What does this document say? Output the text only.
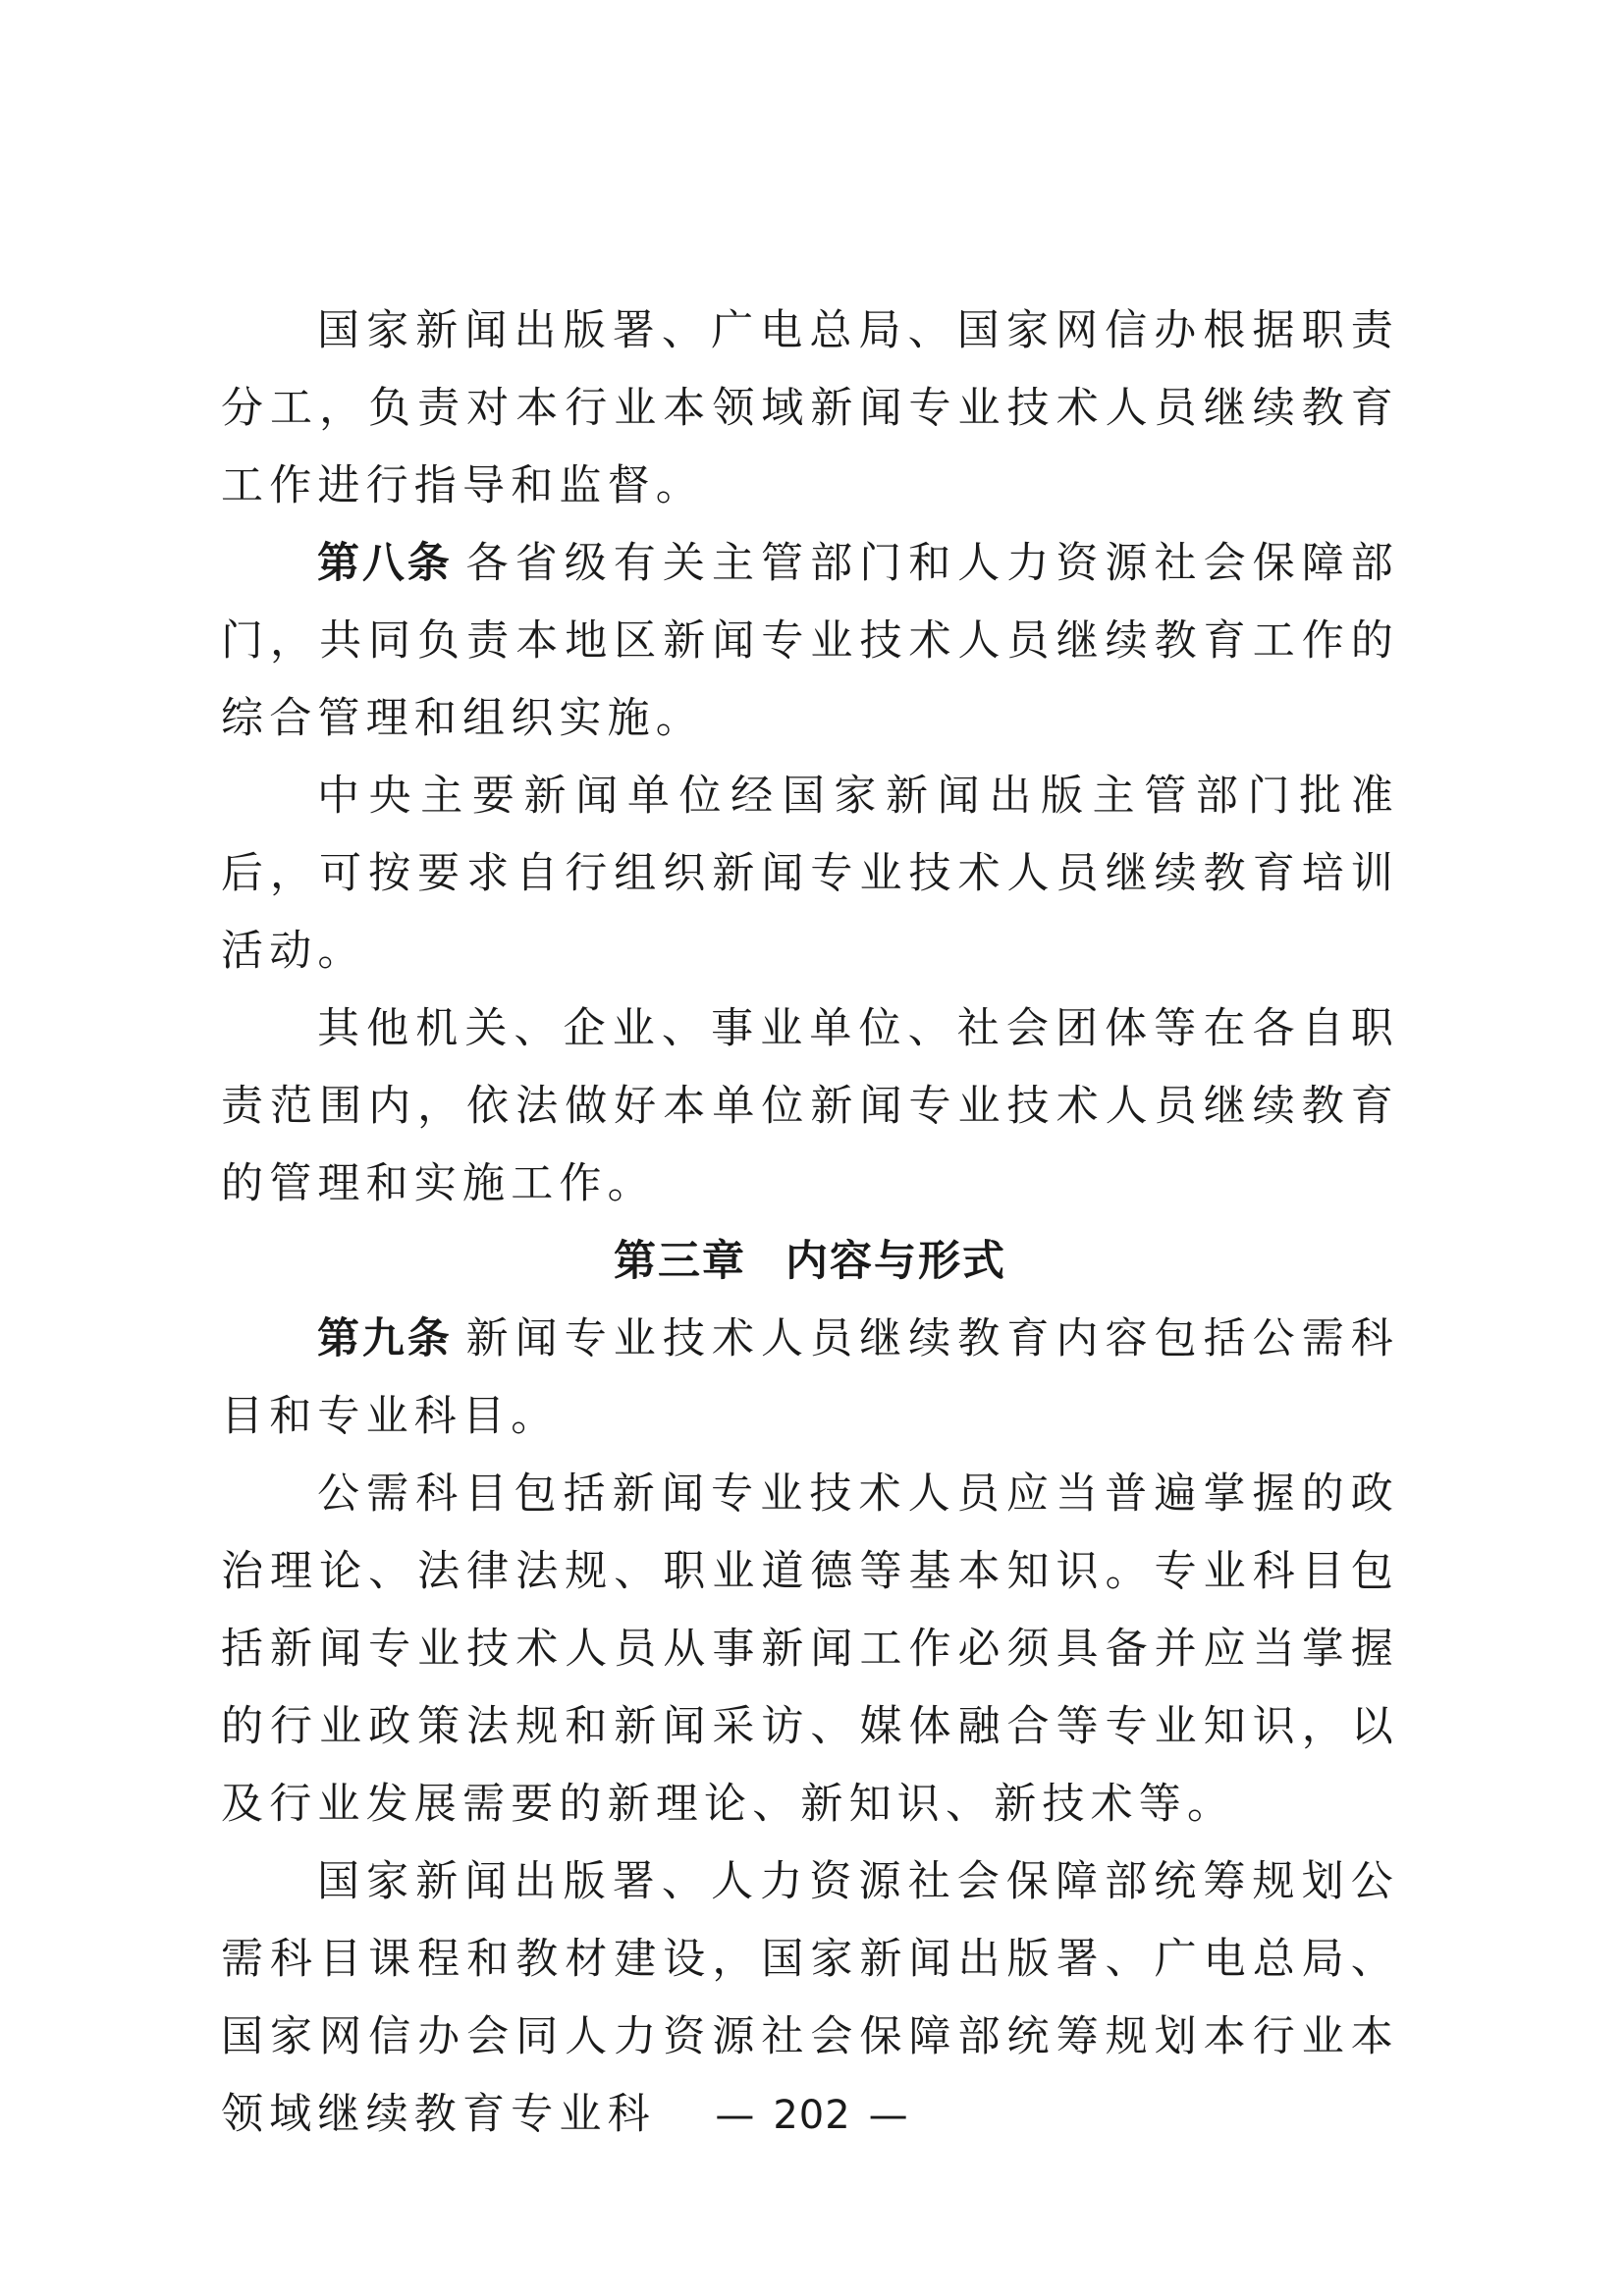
国家新闻出版署、广电总局、国家网信办根据职责分工，负责对本行业本领域新闻专业技术人员继续教育工作进行指导和监督。

第八条 各省级有关主管部门和人力资源社会保障部门，共同负责本地区新闻专业技术人员继续教育工作的综合管理和组织实施。

中央主要新闻单位经国家新闻出版主管部门批准后，可按要求自行组织新闻专业技术人员继续教育培训活动。

其他机关、企业、事业单位、社会团体等在各自职责范围内，依法做好本单位新闻专业技术人员继续教育的管理和实施工作。

第三章 内容与形式

第九条 新闻专业技术人员继续教育内容包括公需科目和专业科目。

公需科目包括新闻专业技术人员应当普遍掌握的政治理论、法律法规、职业道德等基本知识。专业科目包括新闻专业技术人员从事新闻工作必须具备并应当掌握的行业政策法规和新闻采访、媒体融合等专业知识，以及行业发展需要的新理论、新知识、新技术等。

国家新闻出版署、人力资源社会保障部统筹规划公需科目课程和教材建设，国家新闻出版署、广电总局、国家网信办会同人力资源社会保障部统筹规划本行业本领域继续教育专业科	— 202 —
